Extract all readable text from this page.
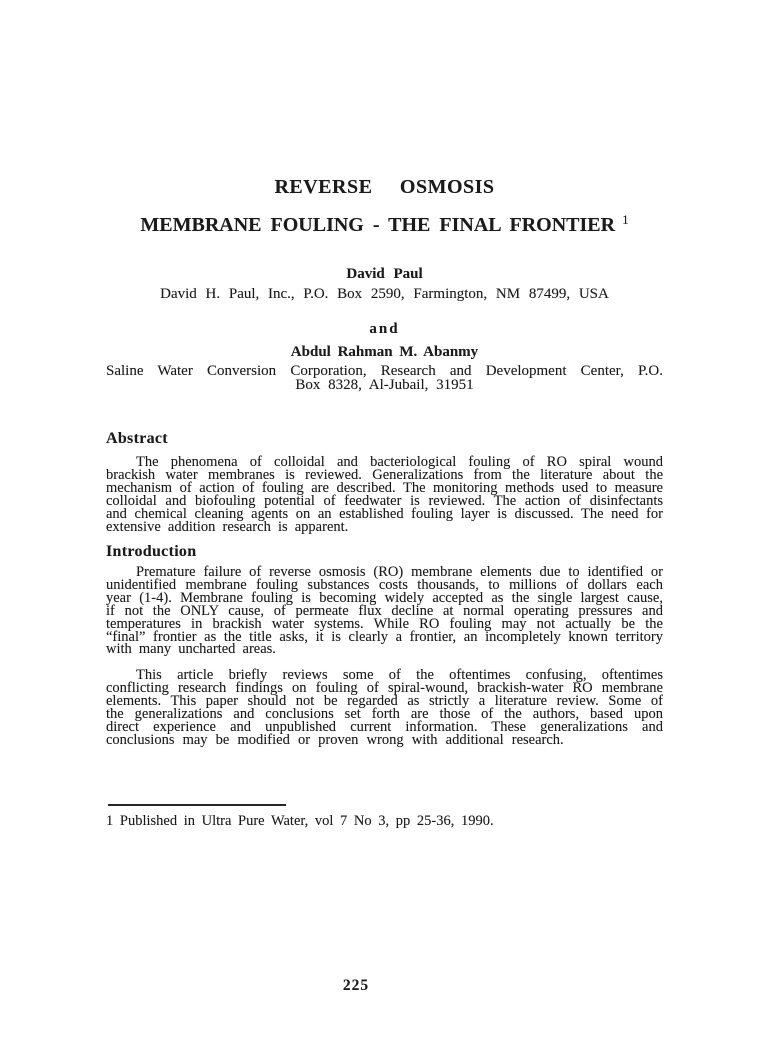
REVERSE OSMOSIS
MEMBRANE FOULING - THE FINAL FRONTIER $^1$
David Paul
David H. Paul, Inc., P.O. Box 2590, Farmington, NM 87499, USA
and
Abdul Rahman M. Abanmy
Saline Water Conversion Corporation, Research and Development Center, P.O.
Box 8328, Al-Jubail, 31951
Abstract

The phenomena of colloidal and bacteriological fouling of RO spiral wound brackish water membranes is reviewed. Generalizations from the literature about the mechanism of action of fouling are described. The monitoring methods used to measure colloidal and biofouling potential of feedwater is reviewed. The action of disinfectants and chemical cleaning agents on an established fouling layer is discussed. The need for extensive addition research is apparent.

Introduction

Premature failure of reverse osmosis (RO) membrane elements due to identified or unidentified membrane fouling substances costs thousands, to millions of dollars each year (1-4). Membrane fouling is becoming widely accepted as the single largest cause, if not the ONLY cause, of permeate flux decline at normal operating pressures and temperatures in brackish water systems. While RO fouling may not actually be the “final” frontier as the title asks, it is clearly a frontier, an incompletely known territory with many uncharted areas.

This article briefly reviews some of the oftentimes confusing, oftentimes conflicting research findings on fouling of spiral-wound, brackish-water RO membrane elements. This paper should not be regarded as strictly a literature review. Some of the generalizations and conclusions set forth are those of the authors, based upon direct experience and unpublished current information. These generalizations and conclusions may be modified or proven wrong with additional research.

1 Published in Ultra Pure Water, vol 7 No 3, pp 25-36, 1990.
225
